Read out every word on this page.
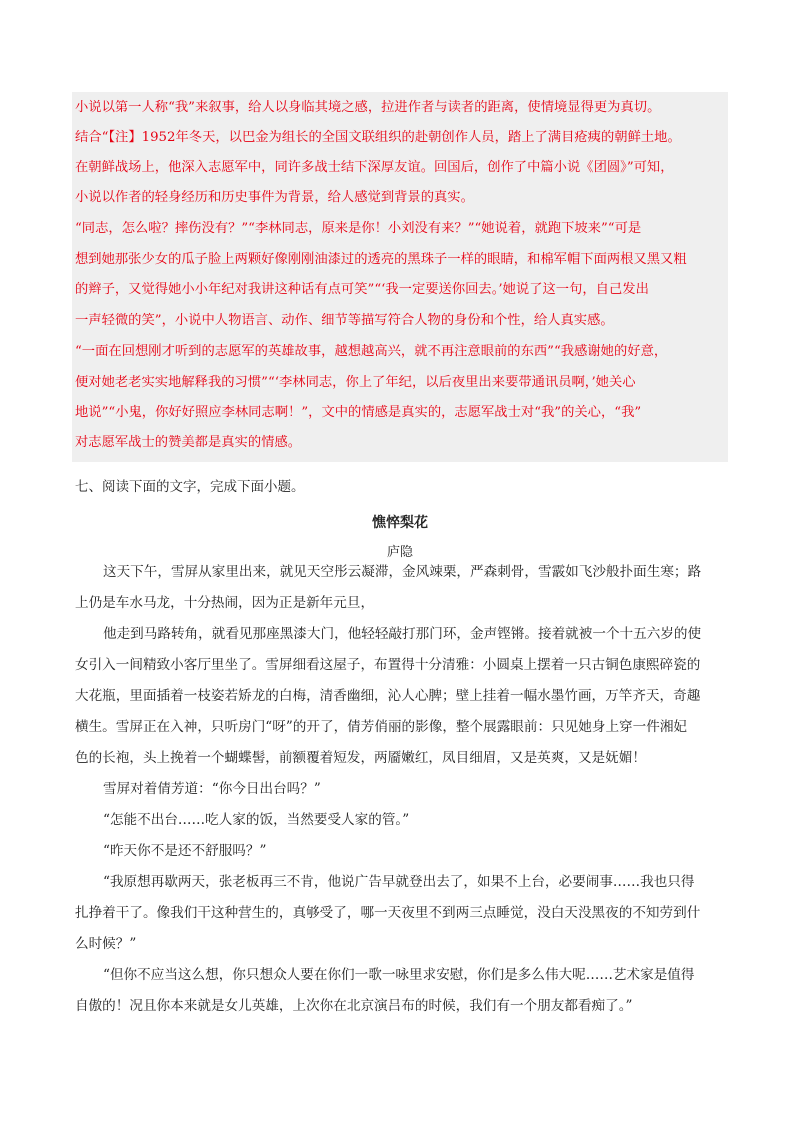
小说以第一人称“我”来叙事，给人以身临其境之感，拉进作者与读者的距离，使情境显得更为真切。
结合“【注】1952年冬天，以巴金为组长的全国文联组织的赴朝创作人员，踏上了满目疮痍的朝鲜土地。
在朝鲜战场上，他深入志愿军中，同许多战士结下深厚友谊。回国后，创作了中篇小说《团圆》”可知，
小说以作者的轻身经历和历史事件为背景，给人感觉到背景的真实。
“同志，怎么啦？摔伤没有？”“李林同志，原来是你！小刘没有来？”“她说着，就跑下坡来”“可是
想到她那张少女的瓜子脸上两颗好像刚刚油漆过的透亮的黑珠子一样的眼睛，和棉军帽下面两根又黑又粗
的辫子，又觉得她小小年纪对我讲这种话有点可笑”“‘我一定要送你回去。’她说了这一句，自己发出
一声轻微的笑”，小说中人物语言、动作、细节等描写符合人物的身份和个性，给人真实感。
“一面在回想刚才听到的志愿军的英雄故事，越想越高兴，就不再注意眼前的东西”“我感谢她的好意，
便对她老老实实地解释我的习惯”“‘李林同志，你上了年纪，以后夜里出来要带通讯员啊，’她关心
地说”“小鬼，你好好照应李林同志啊！”，文中的情感是真实的，志愿军战士对“我”的关心，“我”
对志愿军战士的赞美都是真实的情感。
七、阅读下面的文字，完成下面小题。
憔悴梨花
庐隐
这天下午，雪屏从家里出来，就见天空彤云凝滞，金风竦栗，严森刺骨，雪霰如飞沙般扑面生寒；路
上仍是车水马龙，十分热闹，因为正是新年元旦，
他走到马路转角，就看见那座黑漆大门，他轻轻敲打那门环，金声铿锵。接着就被一个十五六岁的使
女引入一间精致小客厅里坐了。雪屏细看这屋子，布置得十分清雅：小圆桌上摆着一只古铜色康熙碎瓷的
大花瓶，里面插着一枝姿若矫龙的白梅，清香幽细，沁人心脾；壁上挂着一幅水墨竹画，万竿齐天，奇趣
横生。雪屏正在入神，只听房门“呀”的开了，倩芳俏丽的影像，整个展露眼前：只见她身上穿一件湘妃
色的长袍，头上挽着一个蝴蝶髻，前额覆着短发，两靥嫩红，凤目细眉，又是英爽，又是妩媚！
雪屏对着倩芳道：“你今日出台吗？”
“怎能不出台……吃人家的饭，当然要受人家的管。”
“昨天你不是还不舒服吗？”
“我原想再歇两天，张老板再三不肯，他说广告早就登出去了，如果不上台，必要闹事……我也只得
扎挣着干了。像我们干这种营生的，真够受了，哪一天夜里不到两三点睡觉，没白天没黑夜的不知劳到什
么时候？”
“但你不应当这么想，你只想众人要在你们一歌一咏里求安慰，你们是多么伟大呢……艺术家是值得
自傲的！况且你本来就是女儿英雄，上次你在北京演吕布的时候，我们有一个朋友都看痴了。”
